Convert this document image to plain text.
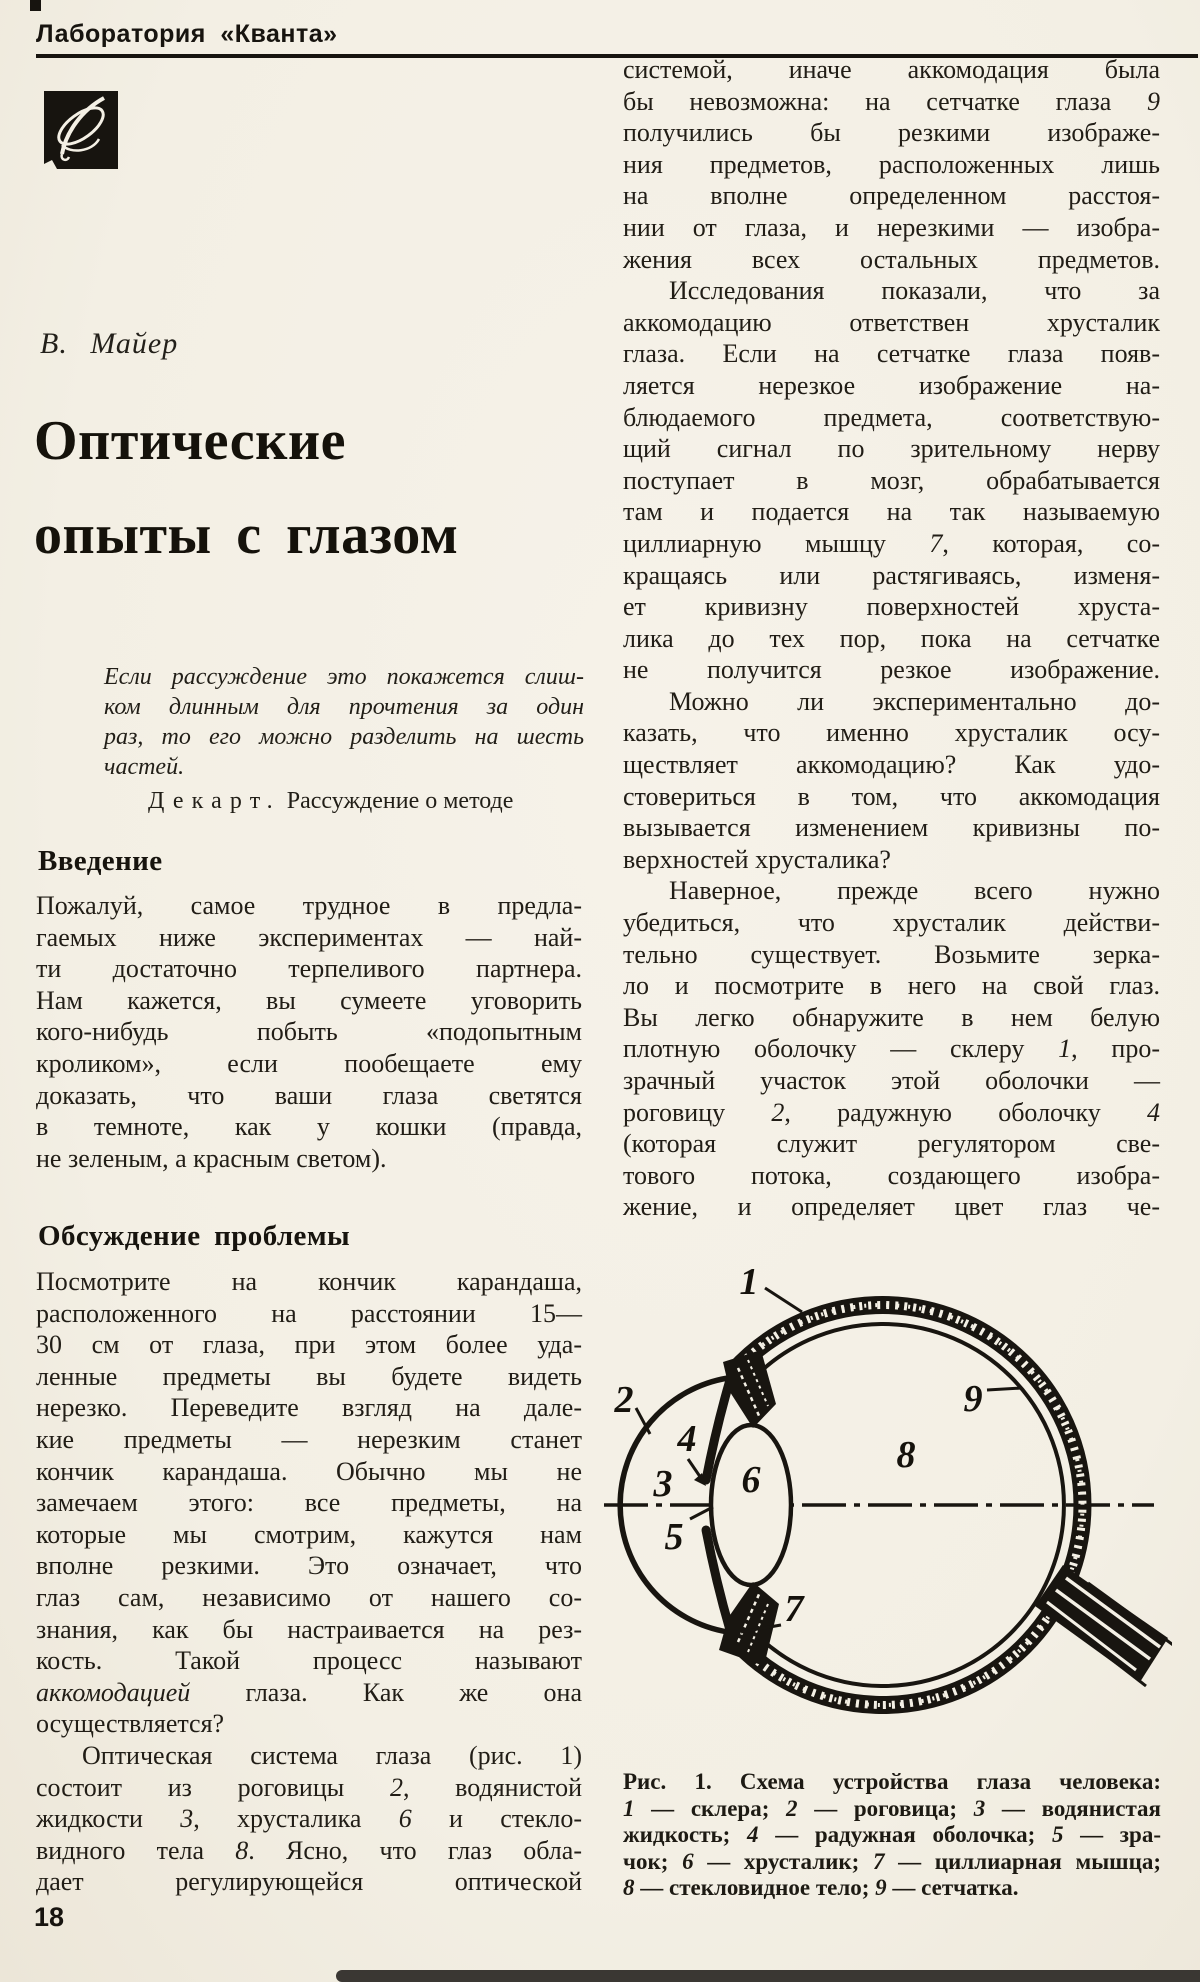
Лаборатория «Кванта»
В. Майер
Оптические
опыты с глазом
Если рассуждение это покажется слиш-
ком длинным для прочтения за один
раз, то его можно разделить на шесть
частей.
Декарт. Рассуждение о методе
Введение
Пожалуй, самое трудное в предла-
гаемых ниже экспериментах — най-
ти достаточно терпеливого партнера.
Нам кажется, вы сумеете уговорить
кого-нибудь побыть «подопытным
кроликом», если пообещаете ему
доказать, что ваши глаза светятся
в темноте, как у кошки (правда,
не зеленым, а красным светом).
Обсуждение проблемы
Посмотрите на кончик карандаша,
расположенного на расстоянии 15—
30 см от глаза, при этом более уда-
ленные предметы вы будете видеть
нерезко. Переведите взгляд на дале-
кие предметы — нерезким станет
кончик карандаша. Обычно мы не
замечаем этого: все предметы, на
которые мы смотрим, кажутся нам
вполне резкими. Это означает, что
глаз сам, независимо от нашего со-
знания, как бы настраивается на рез-
кость. Такой процесс называют
аккомодацией глаза. Как же она
осуществляется?
Оптическая система глаза (рис. 1)
состоит из роговицы 2, водянистой
жидкости 3, хрусталика 6 и стекло-
видного тела 8. Ясно, что глаз обла-
дает регулирующейся оптической
системой, иначе аккомодация была
бы невозможна: на сетчатке глаза 9
получились бы резкими изображе-
ния предметов, расположенных лишь
на вполне определенном расстоя-
нии от глаза, и нерезкими — изобра-
жения всех остальных предметов.
Исследования показали, что за
аккомодацию ответствен хрусталик
глаза. Если на сетчатке глаза появ-
ляется нерезкое изображение на-
блюдаемого предмета, соответствую-
щий сигнал по зрительному нерву
поступает в мозг, обрабатывается
там и подается на так называемую
циллиарную мышцу 7, которая, со-
кращаясь или растягиваясь, изменя-
ет кривизну поверхностей хруста-
лика до тех пор, пока на сетчатке
не получится резкое изображение.
Можно ли экспериментально до-
казать, что именно хрусталик осу-
ществляет аккомодацию? Как удо-
стовериться в том, что аккомодация
вызывается изменением кривизны по-
верхностей хрусталика?
Наверное, прежде всего нужно
убедиться, что хрусталик действи-
тельно существует. Возьмите зерка-
ло и посмотрите в него на свой глаз.
Вы легко обнаружите в нем белую
плотную оболочку — склеру 1, про-
зрачный участок этой оболочки —
роговицу 2, радужную оболочку 4
(которая служит регулятором све-
тового потока, создающего изобра-
жение, и определяет цвет глаз че-
1
2
3
4
5
6
7
8
9
Рис. 1. Схема устройства глаза человека:
1 — склера; 2 — роговица; 3 — водянистая
жидкость; 4 — радужная оболочка; 5 — зра-
чок; 6 — хрусталик; 7 — циллиарная мышца;
8 — стекловидное тело; 9 — сетчатка.
18
